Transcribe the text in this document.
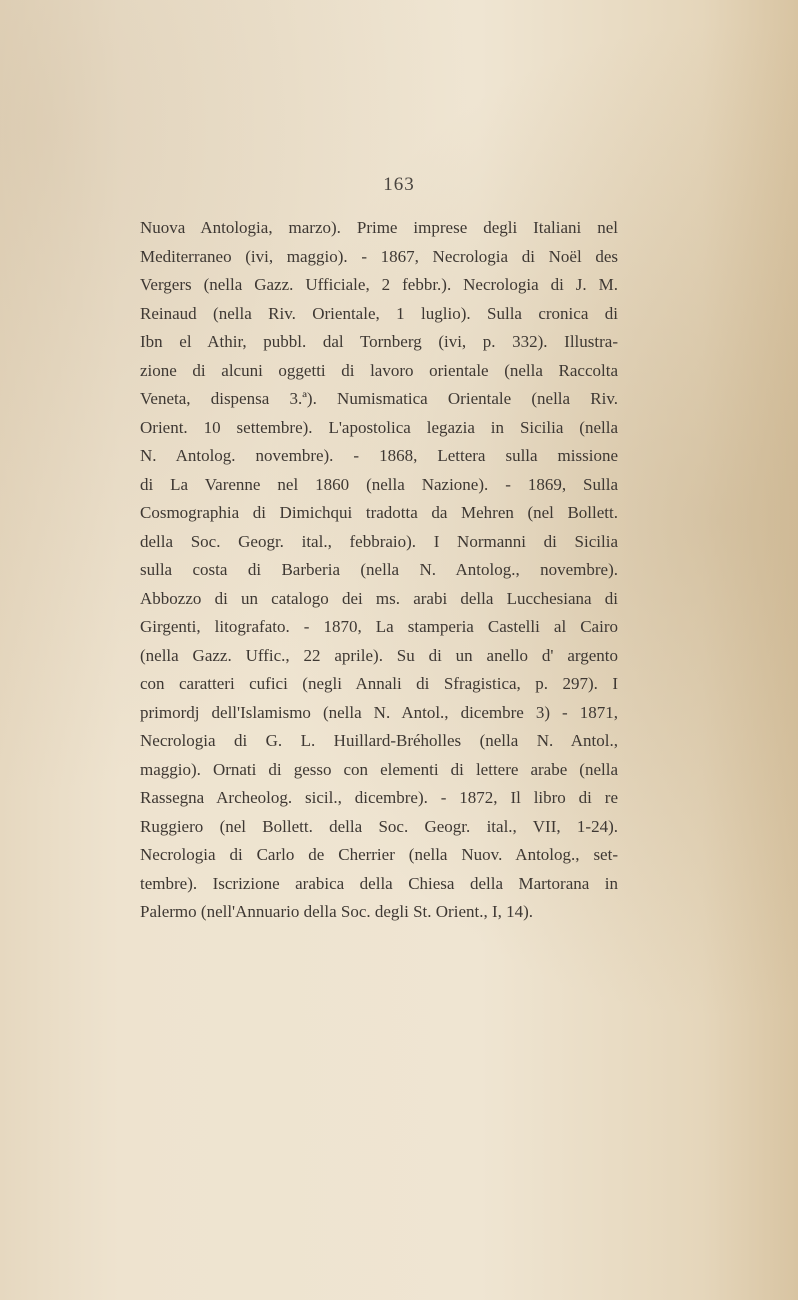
163
Nuova Antologia, marzo). Prime imprese degli Italiani nel
Mediterraneo (ivi, maggio). - 1867, Necrologia di Noël des
Vergers (nella Gazz. Ufficiale, 2 febbr.). Necrologia di J. M.
Reinaud (nella Riv. Orientale, 1 luglio). Sulla cronica di
Ibn el Athir, pubbl. dal Tornberg (ivi, p. 332). Illustra-
zione di alcuni oggetti di lavoro orientale (nella Raccolta
Veneta, dispensa 3.ª). Numismatica Orientale (nella Riv.
Orient. 10 settembre). L'apostolica legazia in Sicilia (nella
N. Antolog. novembre). - 1868, Lettera sulla missione
di La Varenne nel 1860 (nella Nazione). - 1869, Sulla
Cosmographia di Dimichqui tradotta da Mehren (nel Bollett.
della Soc. Geogr. ital., febbraio). I Normanni di Sicilia
sulla costa di Barberia (nella N. Antolog., novembre).
Abbozzo di un catalogo dei ms. arabi della Lucchesiana di
Girgenti, litografato. - 1870, La stamperia Castelli al Cairo
(nella Gazz. Uffic., 22 aprile). Su di un anello d' argento
con caratteri cufici (negli Annali di Sfragistica, p. 297). I
primordj dell'Islamismo (nella N. Antol., dicembre 3) - 1871,
Necrologia di G. L. Huillard-Bréholles (nella N. Antol.,
maggio). Ornati di gesso con elementi di lettere arabe (nella
Rassegna Archeolog. sicil., dicembre). - 1872, Il libro di re
Ruggiero (nel Bollett. della Soc. Geogr. ital., VII, 1-24).
Necrologia di Carlo de Cherrier (nella Nuov. Antolog., set-
tembre). Iscrizione arabica della Chiesa della Martorana in
Palermo (nell'Annuario della Soc. degli St. Orient., I, 14).
